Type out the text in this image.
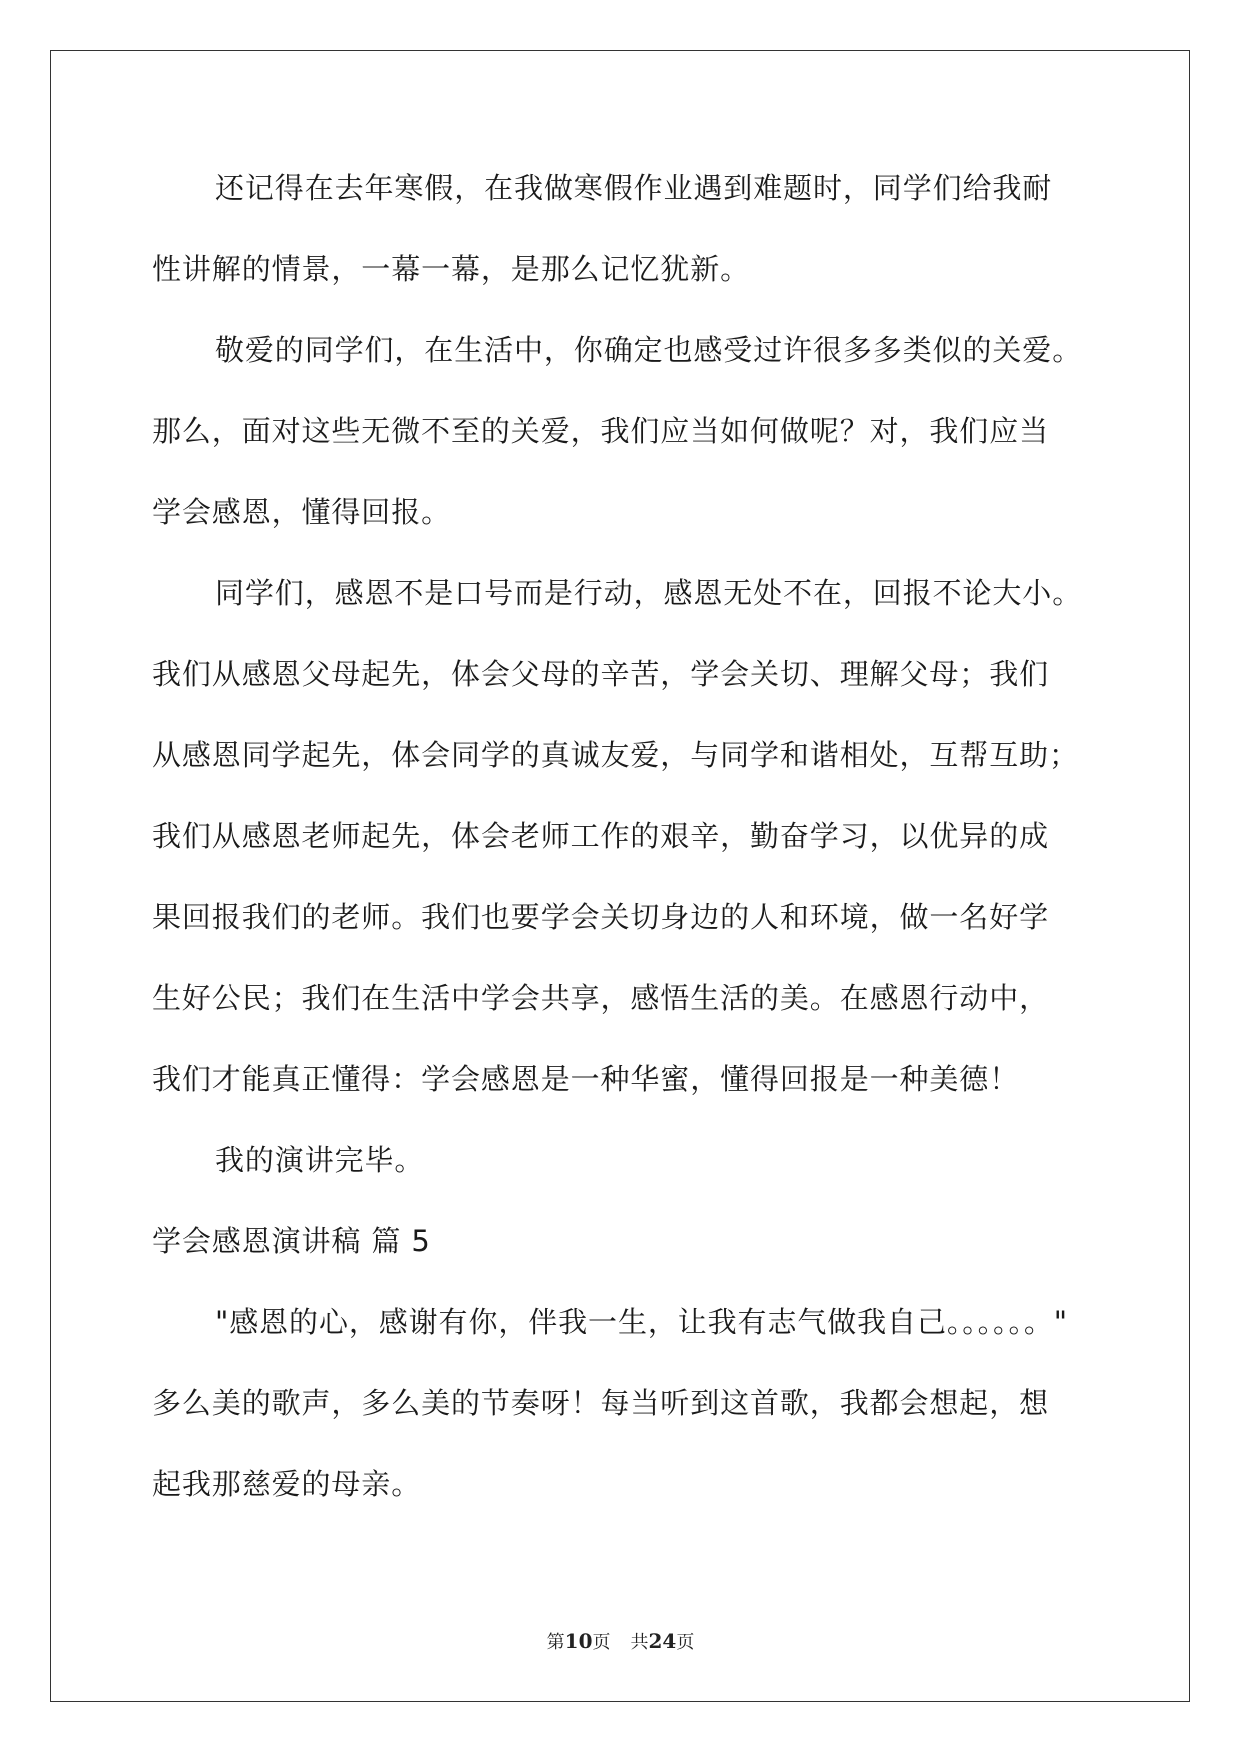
还记得在去年寒假，在我做寒假作业遇到难题时，同学们给我耐
性讲解的情景，一幕一幕，是那么记忆犹新。
敬爱的同学们，在生活中，你确定也感受过许很多多类似的关爱。
那么，面对这些无微不至的关爱，我们应当如何做呢？对，我们应当
学会感恩，懂得回报。
同学们，感恩不是口号而是行动，感恩无处不在，回报不论大小。
我们从感恩父母起先，体会父母的辛苦，学会关切、理解父母；我们
从感恩同学起先，体会同学的真诚友爱，与同学和谐相处，互帮互助；
我们从感恩老师起先，体会老师工作的艰辛，勤奋学习，以优异的成
果回报我们的老师。我们也要学会关切身边的人和环境，做一名好学
生好公民；我们在生活中学会共享，感悟生活的美。在感恩行动中，
我们才能真正懂得：学会感恩是一种华蜜，懂得回报是一种美德！
我的演讲完毕。
学会感恩演讲稿 篇 5
"感恩的心，感谢有你，伴我一生，让我有志气做我自己。。。。。。"
多么美的歌声，多么美的节奏呀！每当听到这首歌，我都会想起，想
起我那慈爱的母亲。
第10页 共24页
